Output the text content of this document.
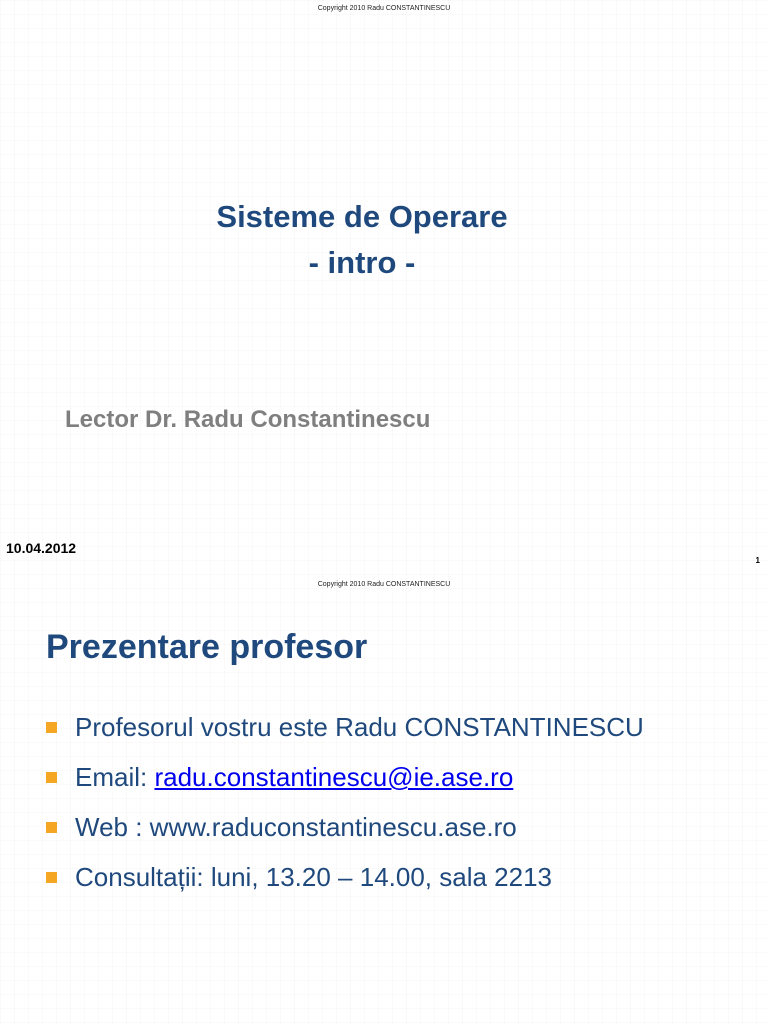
Copyright 2010 Radu CONSTANTINESCU
Sisteme de Operare
- intro -
Lector Dr. Radu Constantinescu
10.04.2012
1
Copyright 2010 Radu CONSTANTINESCU
Prezentare profesor
Profesorul vostru este Radu CONSTANTINESCU
Email: radu.constantinescu@ie.ase.ro
Web : www.raduconstantinescu.ase.ro
Consultații: luni, 13.20 – 14.00, sala 2213
